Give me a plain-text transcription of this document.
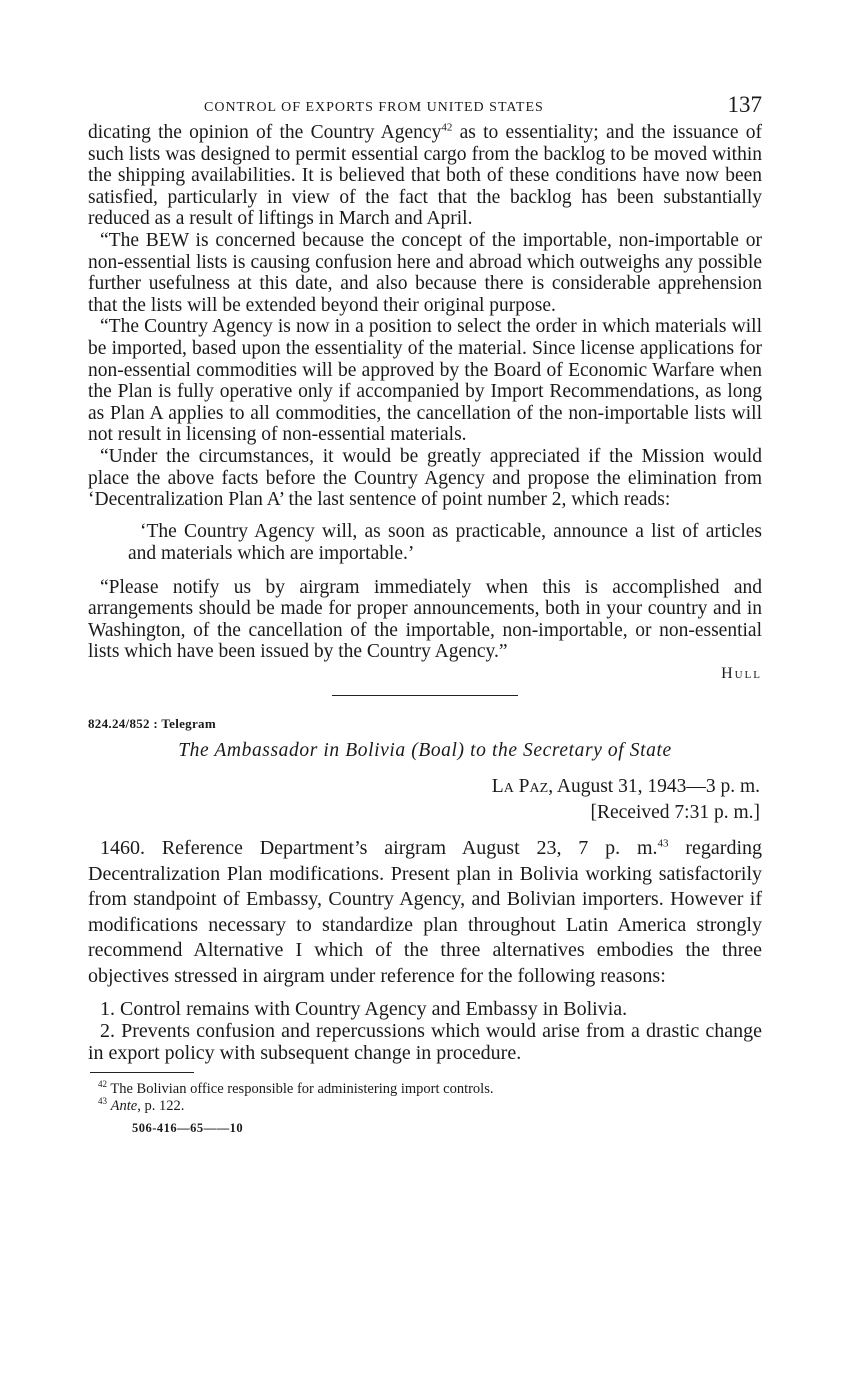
CONTROL OF EXPORTS FROM UNITED STATES	137

dicating the opinion of the Country Agency$^{42}$ as to essentiality; and the issuance of such lists was designed to permit essential cargo from the backlog to be moved within the shipping availabilities. It is believed that both of these conditions have now been satisfied, particularly in view of the fact that the backlog has been substantially reduced as a result of liftings in March and April.

“The BEW is concerned because the concept of the importable, non-importable or non-essential lists is causing confusion here and abroad which outweighs any possible further usefulness at this date, and also because there is considerable apprehension that the lists will be extended beyond their original purpose.

“The Country Agency is now in a position to select the order in which materials will be imported, based upon the essentiality of the material. Since license applications for non-essential commodities will be approved by the Board of Economic Warfare when the Plan is fully operative only if accompanied by Import Recommendations, as long as Plan A applies to all commodities, the cancellation of the non-importable lists will not result in licensing of non-essential materials.

“Under the circumstances, it would be greatly appreciated if the Mission would place the above facts before the Country Agency and propose the elimination from ‘Decentralization Plan A’ the last sentence of point number 2, which reads:

‘The Country Agency will, as soon as practicable, announce a list of articles and materials which are importable.’

“Please notify us by airgram immediately when this is accomplished and arrangements should be made for proper announcements, both in your country and in Washington, of the cancellation of the importable, non-importable, or non-essential lists which have been issued by the Country Agency.”

Hull
824.24/852 : Telegram
The Ambassador in Bolivia (Boal) to the Secretary of State
La Paz, August 31, 1943—3 p. m.
[Received 7:31 p. m.]

1460. Reference Department’s airgram August 23, 7 p. m.$^{43}$ regarding Decentralization Plan modifications. Present plan in Bolivia working satisfactorily from standpoint of Embassy, Country Agency, and Bolivian importers. However if modifications necessary to standardize plan throughout Latin America strongly recommend Alternative I which of the three alternatives embodies the three objectives stressed in airgram under reference for the following reasons:

1. Control remains with Country Agency and Embassy in Bolivia.

2. Prevents confusion and repercussions which would arise from a drastic change in export policy with subsequent change in procedure.

$^{42}$ The Bolivian office responsible for administering import controls.
$^{43}$ Ante, p. 122.
506-416—65——10
